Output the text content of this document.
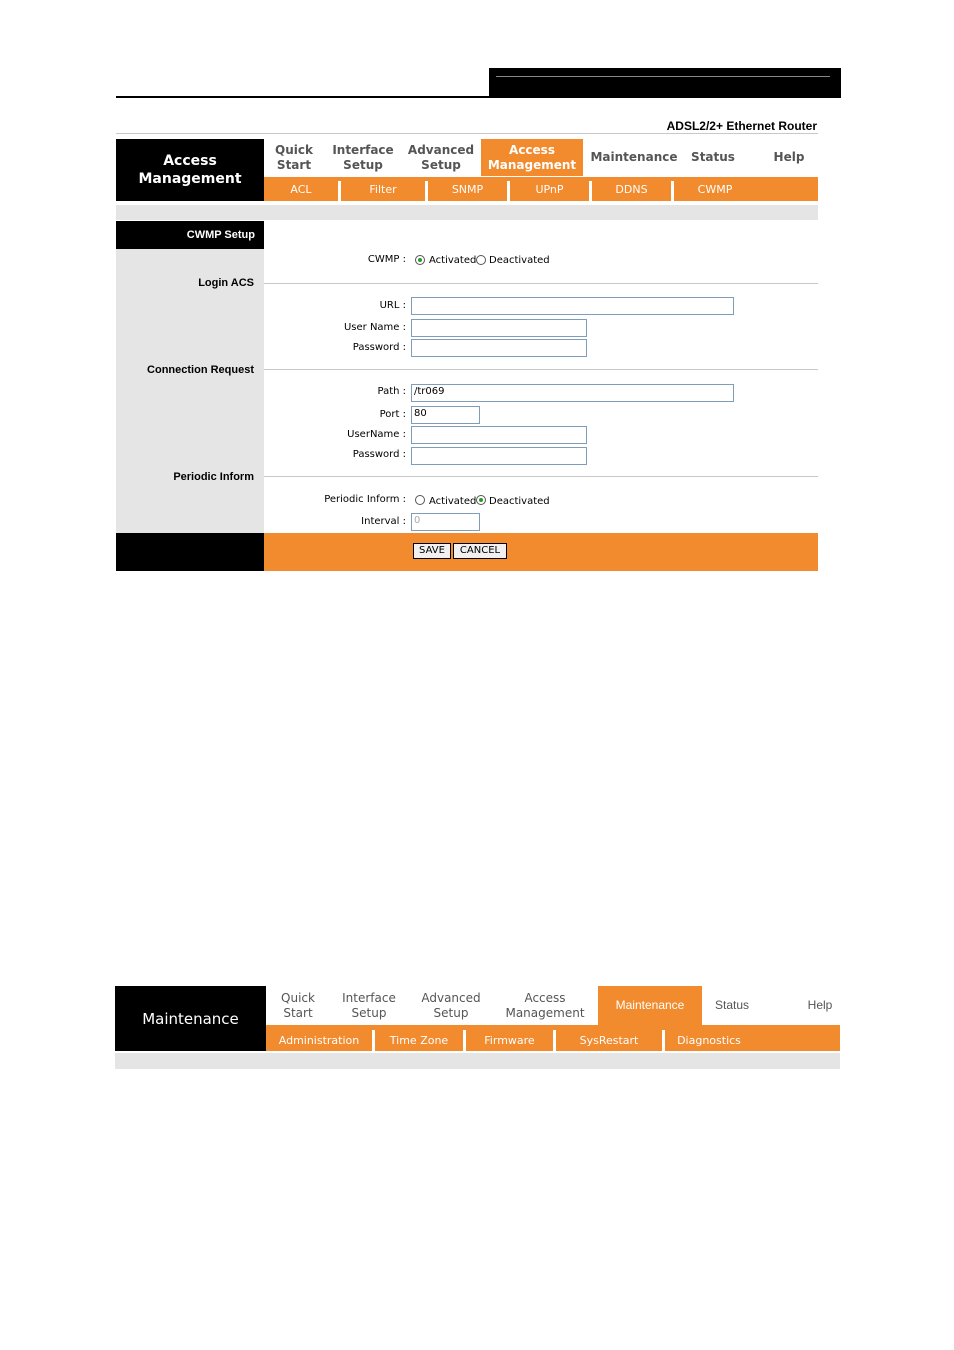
ADSL2/2+ Ethernet Router
Access Management
Quick
Start
Interface
Setup
Advanced
Setup
Access
Management
Maintenance Status	Help
ACL	Filter	SNMP	UPnP	DDNS	CWMP
CWMP Setup
CWMP : Activated Deactivated
Login ACS
URL :
User Name :
Password :
Connection Request
Path : /tr069
Port : 80
UserName :
Password :
Periodic Inform
Periodic Inform : Activated Deactivated
Interval : 0
SAVE	CANCEL
Maintenance
Quick
Start
Interface
Setup
Advanced
Setup
Access
Management
Maintenance	Status	Help
Administration	Time Zone	Firmware	SysRestart	Diagnostics
